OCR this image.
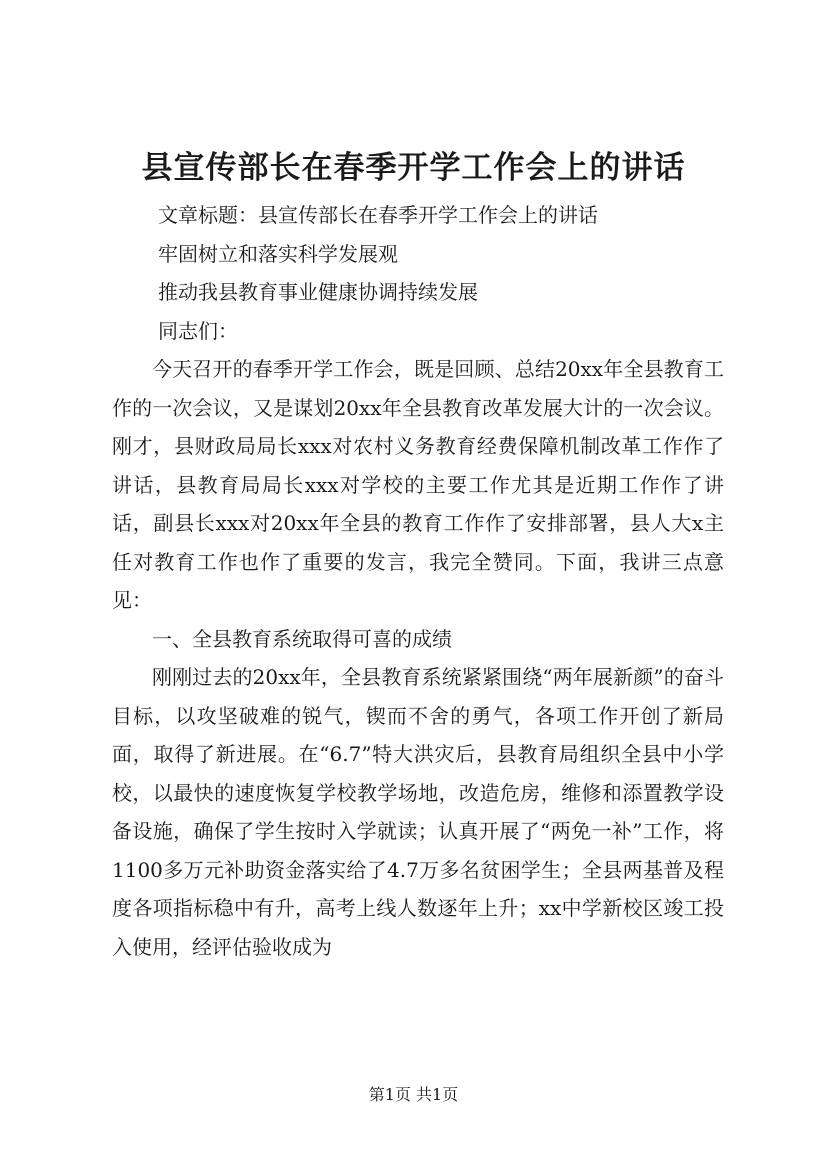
县宣传部长在春季开学工作会上的讲话

文章标题：县宣传部长在春季开学工作会上的讲话

牢固树立和落实科学发展观

推动我县教育事业健康协调持续发展

同志们：

今天召开的春季开学工作会，既是回顾、总结20xx年全县教育工作的一次会议，又是谋划20xx年全县教育改革发展大计的一次会议。刚才，县财政局局长xxx对农村义务教育经费保障机制改革工作作了讲话，县教育局局长xxx对学校的主要工作尤其是近期工作作了讲话，副县长xxx对20xx年全县的教育工作作了安排部署，县人大x主任对教育工作也作了重要的发言，我完全赞同。下面，我讲三点意见：

一、全县教育系统取得可喜的成绩

刚刚过去的20xx年，全县教育系统紧紧围绕“两年展新颜”的奋斗目标，以攻坚破难的锐气，锲而不舍的勇气，各项工作开创了新局面，取得了新进展。在“6.7”特大洪灾后，县教育局组织全县中小学校，以最快的速度恢复学校教学场地，改造危房，维修和添置教学设备设施，确保了学生按时入学就读；认真开展了“两免一补”工作，将1100多万元补助资金落实给了4.7万多名贫困学生；全县两基普及程度各项指标稳中有升，高考上线人数逐年上升；xx中学新校区竣工投入使用，经评估验收成为

第1页 共1页
